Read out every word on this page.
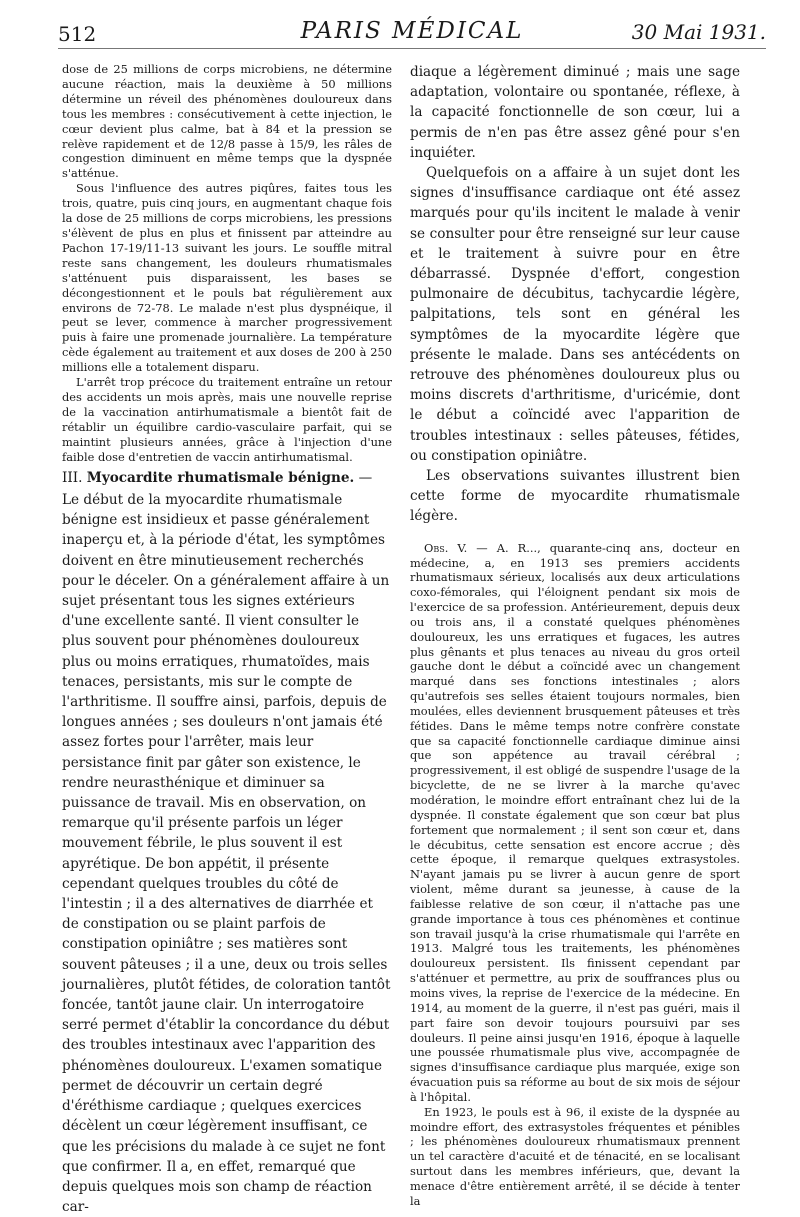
512	PARIS MÉDICAL	30 Mai 1931.

dose de 25 millions de corps microbiens, ne détermine aucune réaction, mais la deuxième à 50 millions détermine un réveil des phénomènes douloureux dans tous les membres : consécutivement à cette injection, le cœur devient plus calme, bat à 84 et la pression se relève rapidement et de 12/8 passe à 15/9, les râles de congestion diminuent en même temps que la dyspnée s'atténue.

Sous l'influence des autres piqûres, faites tous les trois, quatre, puis cinq jours, en augmentant chaque fois la dose de 25 millions de corps microbiens, les pressions s'élèvent de plus en plus et finissent par atteindre au Pachon 17-19/11-13 suivant les jours. Le souffle mitral reste sans changement, les douleurs rhumatismales s'atténuent puis disparaissent, les bases se décongestionnent et le pouls bat régulièrement aux environs de 72-78. Le malade n'est plus dyspnéique, il peut se lever, commence à marcher progressivement puis à faire une promenade journalière. La température cède également au traitement et aux doses de 200 à 250 millions elle a totalement disparu.

L'arrêt trop précoce du traitement entraîne un retour des accidents un mois après, mais une nouvelle reprise de la vaccination antirhumatismale a bientôt fait de rétablir un équilibre cardio-vasculaire parfait, qui se maintint plusieurs années, grâce à l'injection d'une faible dose d'entretien de vaccin antirhumatismal.

III. Myocardite rhumatismale bénigne. —

Le début de la myocardite rhumatismale bénigne est insidieux et passe généralement inaperçu et, à la période d'état, les symptômes doivent en être minutieusement recherchés pour le déceler. On a généralement affaire à un sujet présentant tous les signes extérieurs d'une excellente santé. Il vient consulter le plus souvent pour phénomènes douloureux plus ou moins erratiques, rhumatoïdes, mais tenaces, persistants, mis sur le compte de l'arthritisme. Il souffre ainsi, parfois, depuis de longues années ; ses douleurs n'ont jamais été assez fortes pour l'arrêter, mais leur persistance finit par gâter son existence, le rendre neurasthénique et diminuer sa puissance de travail. Mis en observation, on remarque qu'il présente parfois un léger mouvement fébrile, le plus souvent il est apyrétique. De bon appétit, il présente cependant quelques troubles du côté de l'intestin ; il a des alternatives de diarrhée et de constipation ou se plaint parfois de constipation opiniâtre ; ses matières sont souvent pâteuses ; il a une, deux ou trois selles journalières, plutôt fétides, de coloration tantôt foncée, tantôt jaune clair. Un interrogatoire serré permet d'établir la concordance du début des troubles intestinaux avec l'apparition des phénomènes douloureux. L'examen somatique permet de découvrir un certain degré d'éréthisme cardiaque ; quelques exercices décèlent un cœur légèrement insuffisant, ce que les précisions du malade à ce sujet ne font que confirmer. Il a, en effet, remarqué que depuis quelques mois son champ de réaction car-

diaque a légèrement diminué ; mais une sage adaptation, volontaire ou spontanée, réflexe, à la capacité fonctionnelle de son cœur, lui a permis de n'en pas être assez gêné pour s'en inquiéter.

Quelquefois on a affaire à un sujet dont les signes d'insuffisance cardiaque ont été assez marqués pour qu'ils incitent le malade à venir se consulter pour être renseigné sur leur cause et le traitement à suivre pour en être débarrassé. Dyspnée d'effort, congestion pulmonaire de décubitus, tachycardie légère, palpitations, tels sont en général les symptômes de la myocardite légère que présente le malade. Dans ses antécédents on retrouve des phénomènes douloureux plus ou moins discrets d'arthritisme, d'uricémie, dont le début a coïncidé avec l'apparition de troubles intestinaux : selles pâteuses, fétides, ou constipation opiniâtre.

Les observations suivantes illustrent bien cette forme de myocardite rhumatismale légère.

Obs. V. — A. R..., quarante-cinq ans, docteur en médecine, a, en 1913 ses premiers accidents rhumatismaux sérieux, localisés aux deux articulations coxo-fémorales, qui l'éloignent pendant six mois de l'exercice de sa profession. Antérieurement, depuis deux ou trois ans, il a constaté quelques phénomènes douloureux, les uns erratiques et fugaces, les autres plus gênants et plus tenaces au niveau du gros orteil gauche dont le début a coïncidé avec un changement marqué dans ses fonctions intestinales ; alors qu'autrefois ses selles étaient toujours normales, bien moulées, elles deviennent brusquement pâteuses et très fétides. Dans le même temps notre confrère constate que sa capacité fonctionnelle cardiaque diminue ainsi que son appétence au travail cérébral ; progressivement, il est obligé de suspendre l'usage de la bicyclette, de ne se livrer à la marche qu'avec modération, le moindre effort entraînant chez lui de la dyspnée. Il constate également que son cœur bat plus fortement que normalement ; il sent son cœur et, dans le décubitus, cette sensation est encore accrue ; dès cette époque, il remarque quelques extrasystoles. N'ayant jamais pu se livrer à aucun genre de sport violent, même durant sa jeunesse, à cause de la faiblesse relative de son cœur, il n'attache pas une grande importance à tous ces phénomènes et continue son travail jusqu'à la crise rhumatismale qui l'arrête en 1913. Malgré tous les traitements, les phénomènes douloureux persistent. Ils finissent cependant par s'atténuer et permettre, au prix de souffrances plus ou moins vives, la reprise de l'exercice de la médecine. En 1914, au moment de la guerre, il n'est pas guéri, mais il part faire son devoir toujours poursuivi par ses douleurs. Il peine ainsi jusqu'en 1916, époque à laquelle une poussée rhumatismale plus vive, accompagnée de signes d'insuffisance cardiaque plus marquée, exige son évacuation puis sa réforme au bout de six mois de séjour à l'hôpital.

En 1923, le pouls est à 96, il existe de la dyspnée au moindre effort, des extrasystoles fréquentes et pénibles ; les phénomènes douloureux rhumatismaux prennent un tel caractère d'acuité et de ténacité, en se localisant surtout dans les membres inférieurs, que, devant la menace d'être entièrement arrêté, il se décide à tenter la
